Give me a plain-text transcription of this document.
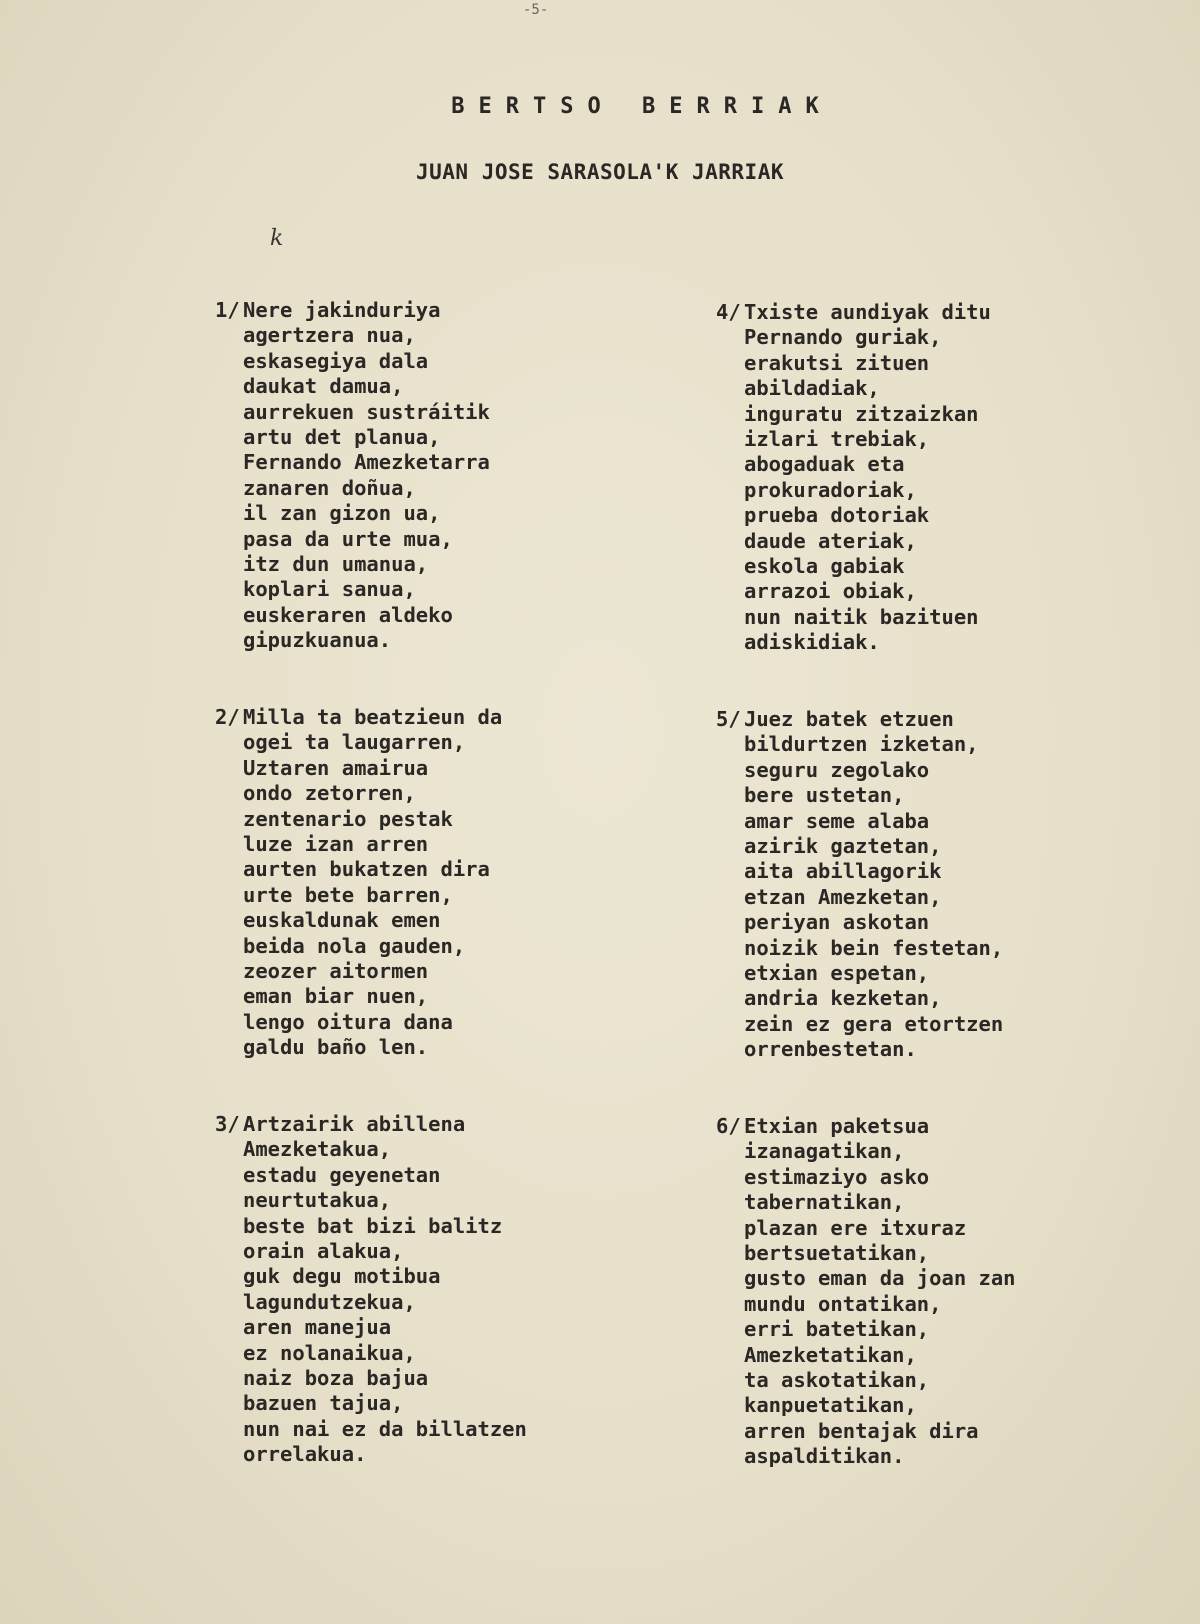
-5-
BERTSO BERRIAK
JUAN JOSE SARASOLA'K JARRIAK
k
1/ Nere jakinduriya
agertzera nua,
eskasegiya dala
daukat damua,
aurrekuen sustráitik
artu det planua,
Fernando Amezketarra
zanaren doñua,
il zan gizon ua,
pasa da urte mua,
itz dun umanua,
koplari sanua,
euskeraren aldeko
gipuzkuanua.
2/ Milla ta beatzieun da
ogei ta laugarren,
Uztaren amairua
ondo zetorren,
zentenario pestak
luze izan arren
aurten bukatzen dira
urte bete barren,
euskaldunak emen
beida nola gauden,
zeozer aitormen
eman biar nuen,
lengo oitura dana
galdu baño len.
3/ Artzairik abillena
Amezketakua,
estadu geyenetan
neurtutakua,
beste bat bizi balitz
orain alakua,
guk degu motibua
lagundutzekua,
aren manejua
ez nolanaikua,
naiz boza bajua
bazuen tajua,
nun nai ez da billatzen
orrelakua.
4/ Txiste aundiyak ditu
Pernando guriak,
erakutsi zituen
abildadiak,
inguratu zitzaizkan
izlari trebiak,
abogaduak eta
prokuradoriak,
prueba dotoriak
daude ateriak,
eskola gabiak
arrazoi obiak,
nun naitik bazituen
adiskidiak.
5/ Juez batek etzuen
bildurtzen izketan,
seguru zegolako
bere ustetan,
amar seme alaba
azirik gaztetan,
aita abillagorik
etzan Amezketan,
periyan askotan
noizik bein festetan,
etxian espetan,
andria kezketan,
zein ez gera etortzen
orrenbestetan.
6/ Etxian paketsua
izanagatikan,
estimaziyo asko
tabernatikan,
plazan ere itxuraz
bertsuetatikan,
gusto eman da joan zan
mundu ontatikan,
erri batetikan,
Amezketatikan,
ta askotatikan,
kanpuetatikan,
arren bentajak dira
aspalditikan.
